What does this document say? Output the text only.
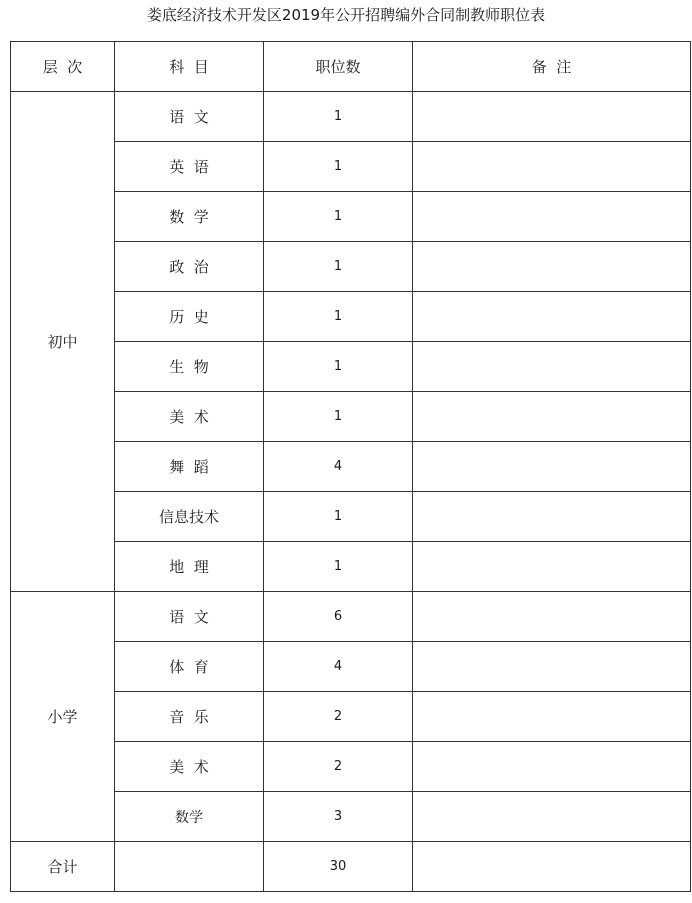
娄底经济技术开发区2019年公开招聘编外合同制教师职位表
层  次	科  目	职位数	备  注
初中	语  文	1	
	英  语	1	
	数  学	1	
	政  治	1	
	历  史	1	
	生  物	1	
	美  术	1	
	舞  蹈	4	
	信息技术	1	
	地  理	1	
小学	语  文	6	
	体  育	4	
	音  乐	2	
	美  术	2	
	数学	3	
合计		30	
